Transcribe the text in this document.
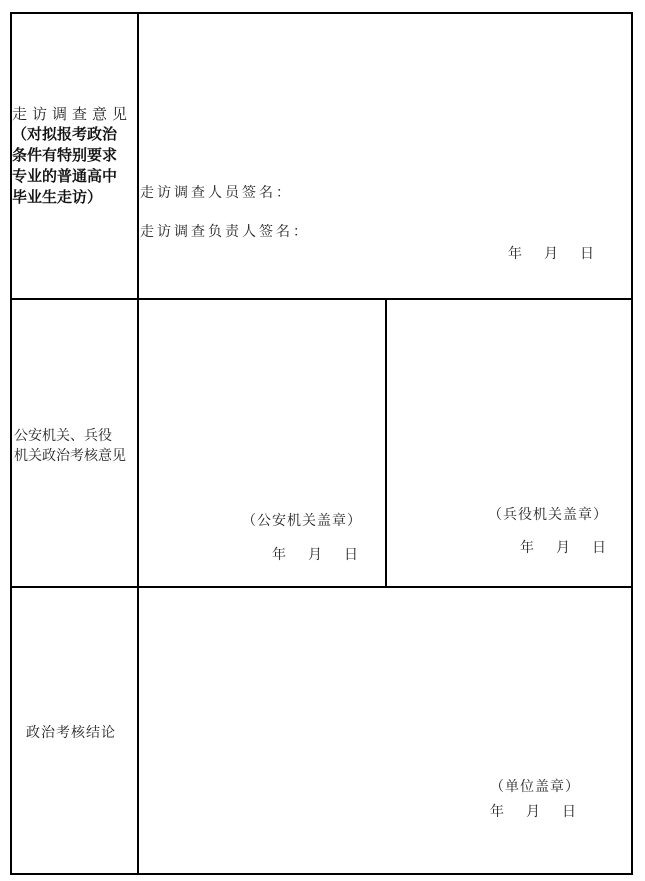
走访调查意见
（对拟报考政治
条件有特别要求
专业的普通高中
毕业生走访）	走访调查人员签名：
走访调查负责人签名：
年　月　日
公安机关、兵役
机关政治考核意见
（公安机关盖章）
年　月　日
（兵役机关盖章）
年　月　日
政治考核结论
（单位盖章）
年　月　日
